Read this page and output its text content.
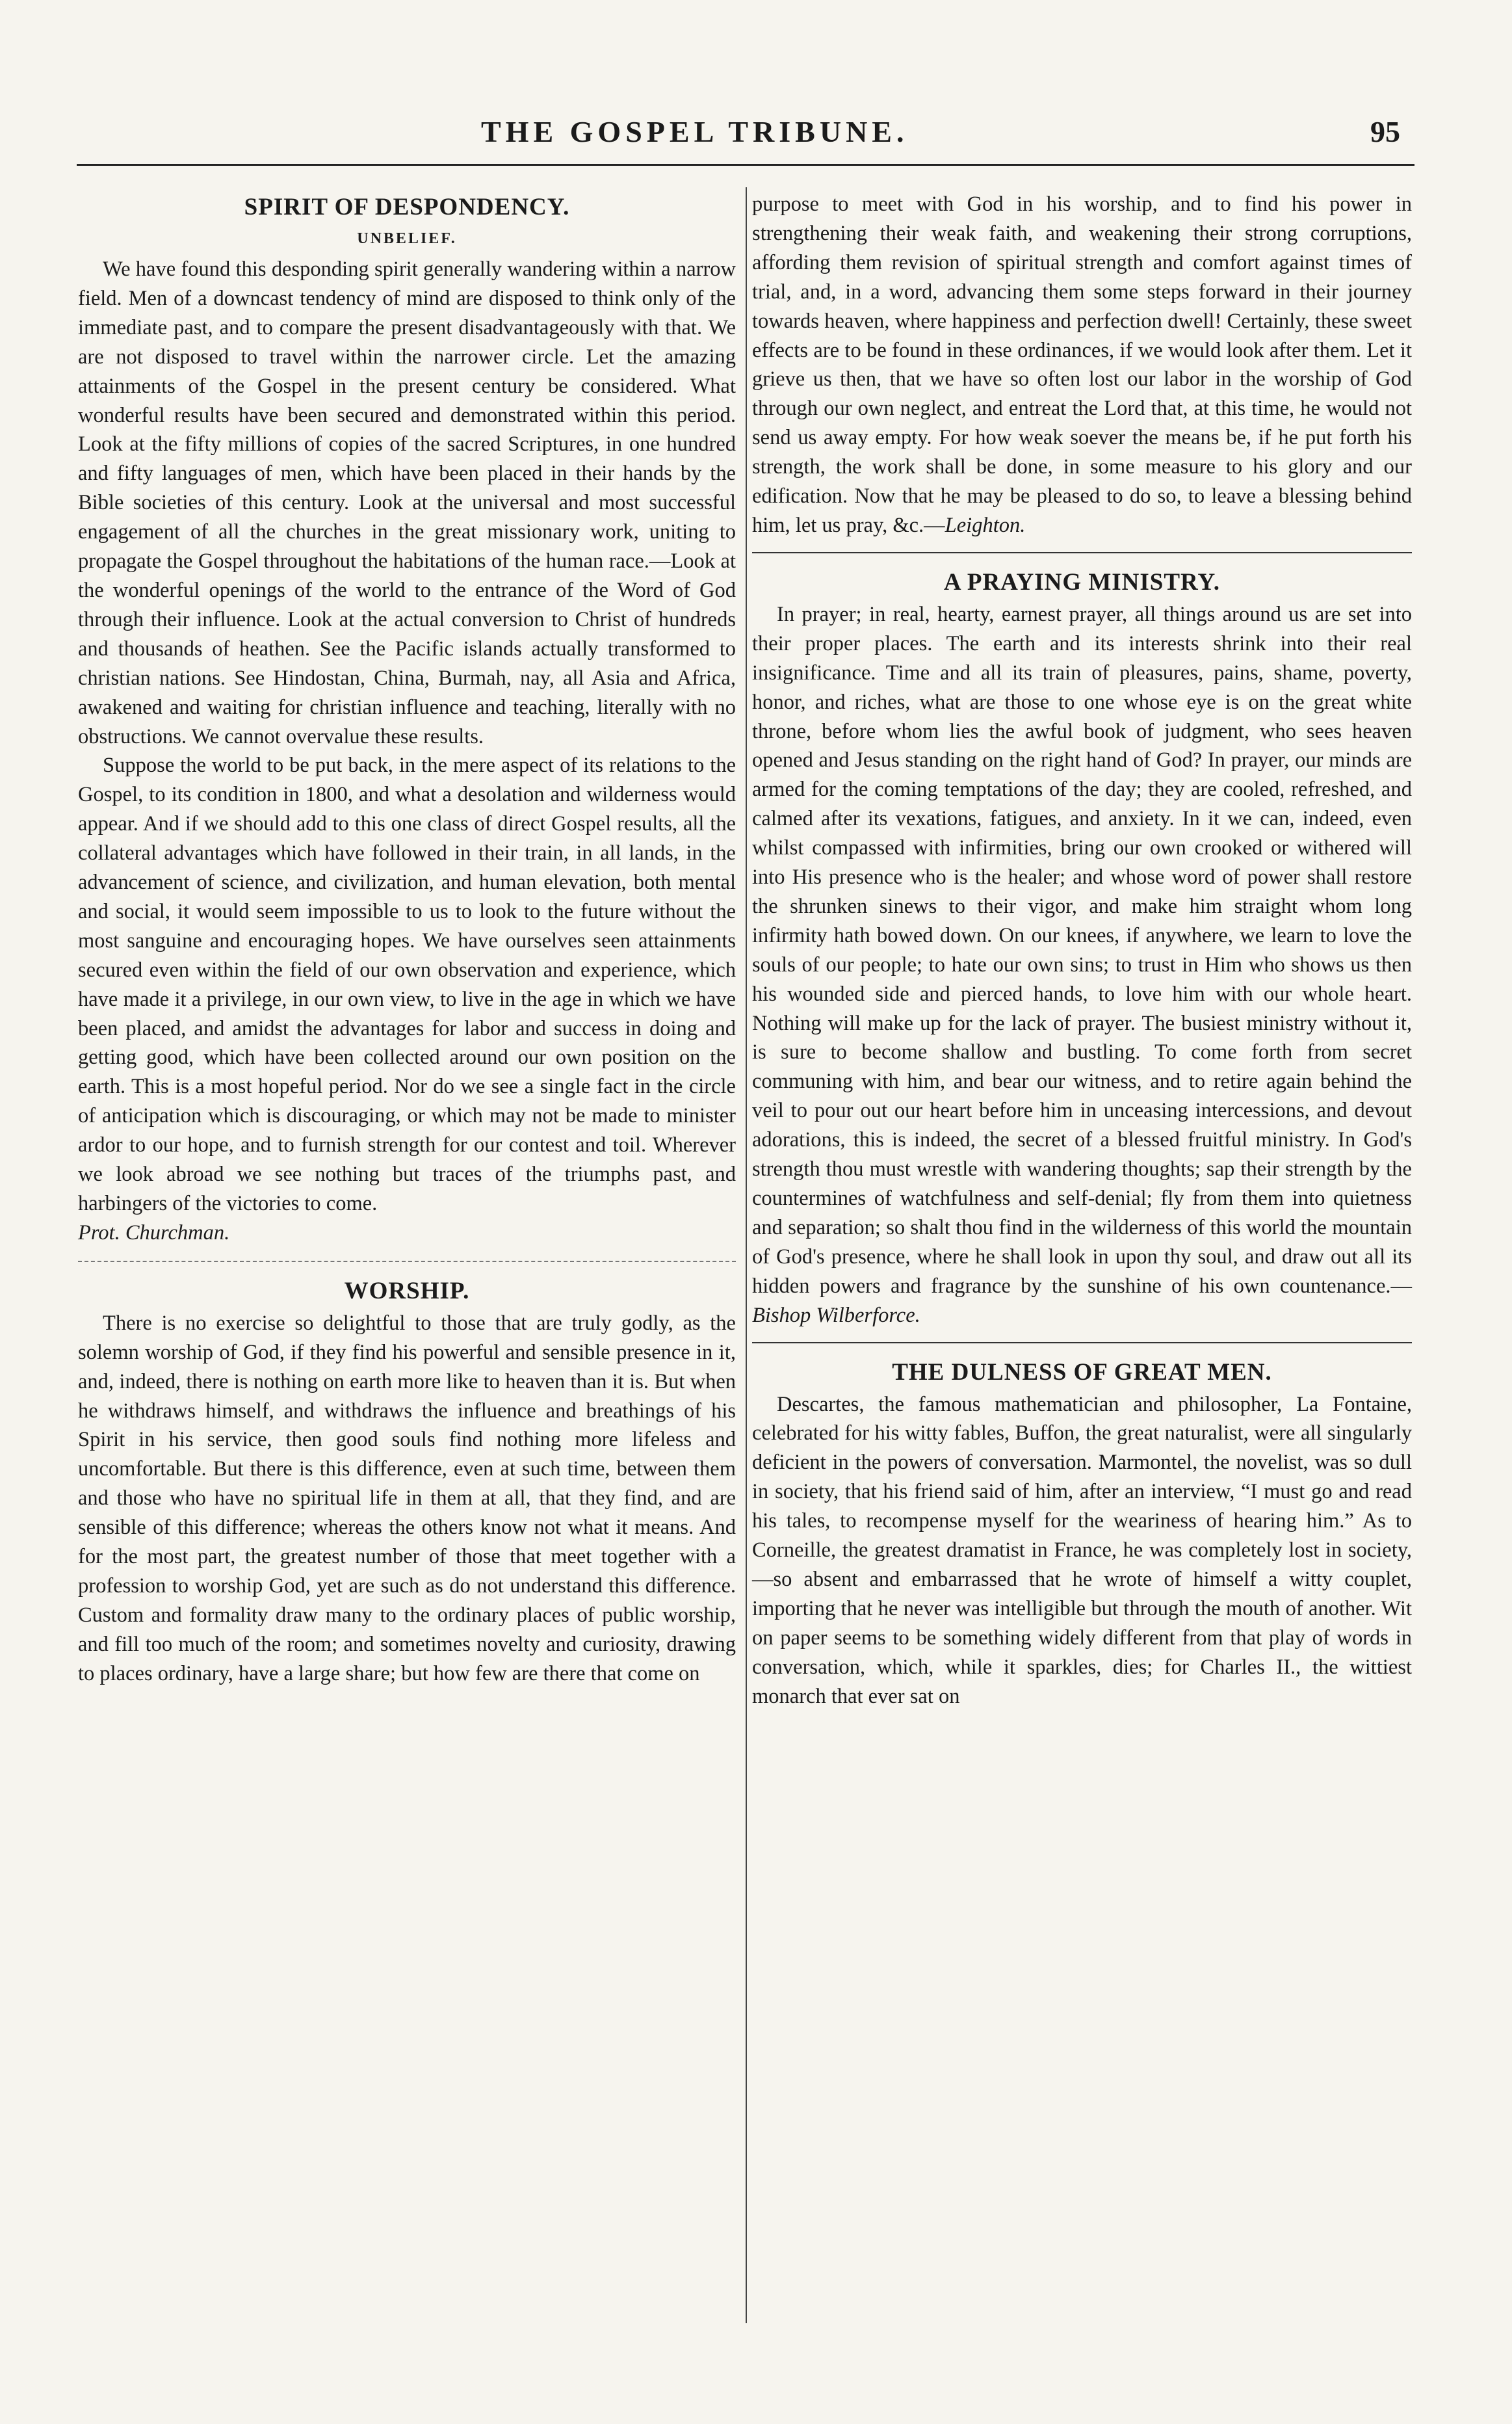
THE GOSPEL TRIBUNE.	95
SPIRIT OF DESPONDENCY.
UNBELIEF.

We have found this desponding spirit generally wandering within a narrow field. Men of a downcast tendency of mind are disposed to think only of the immediate past, and to compare the present disadvantageously with that. We are not disposed to travel within the narrower circle. Let the amazing attainments of the Gospel in the present century be considered. What wonderful results have been secured and demonstrated within this period. Look at the fifty millions of copies of the sacred Scriptures, in one hundred and fifty languages of men, which have been placed in their hands by the Bible societies of this century. Look at the universal and most successful engagement of all the churches in the great missionary work, uniting to propagate the Gospel throughout the habitations of the human race.—Look at the wonderful openings of the world to the entrance of the Word of God through their influence. Look at the actual conversion to Christ of hundreds and thousands of heathen. See the Pacific islands actually transformed to christian nations. See Hindostan, China, Burmah, nay, all Asia and Africa, awakened and waiting for christian influence and teaching, literally with no obstructions. We cannot overvalue these results.

Suppose the world to be put back, in the mere aspect of its relations to the Gospel, to its condition in 1800, and what a desolation and wilderness would appear. And if we should add to this one class of direct Gospel results, all the collateral advantages which have followed in their train, in all lands, in the advancement of science, and civilization, and human elevation, both mental and social, it would seem impossible to us to look to the future without the most sanguine and encouraging hopes. We have ourselves seen attainments secured even within the field of our own observation and experience, which have made it a privilege, in our own view, to live in the age in which we have been placed, and amidst the advantages for labor and success in doing and getting good, which have been collected around our own position on the earth. This is a most hopeful period. Nor do we see a single fact in the circle of anticipation which is discouraging, or which may not be made to minister ardor to our hope, and to furnish strength for our contest and toil. Wherever we look abroad we see nothing but traces of the triumphs past, and harbingers of the victories to come.

Prot. Churchman.

WORSHIP.

There is no exercise so delightful to those that are truly godly, as the solemn worship of God, if they find his powerful and sensible presence in it, and, indeed, there is nothing on earth more like to heaven than it is. But when he withdraws himself, and withdraws the influence and breathings of his Spirit in his service, then good souls find nothing more lifeless and uncomfortable. But there is this difference, even at such time, between them and those who have no spiritual life in them at all, that they find, and are sensible of this difference; whereas the others know not what it means. And for the most part, the greatest number of those that meet together with a profession to worship God, yet are such as do not understand this difference. Custom and formality draw many to the ordinary places of public worship, and fill too much of the room; and sometimes novelty and curiosity, drawing to places ordinary, have a large share; but how few are there that come on

purpose to meet with God in his worship, and to find his power in strengthening their weak faith, and weakening their strong corruptions, affording them revision of spiritual strength and comfort against times of trial, and, in a word, advancing them some steps forward in their journey towards heaven, where happiness and perfection dwell! Certainly, these sweet effects are to be found in these ordinances, if we would look after them. Let it grieve us then, that we have so often lost our labor in the worship of God through our own neglect, and entreat the Lord that, at this time, he would not send us away empty. For how weak soever the means be, if he put forth his strength, the work shall be done, in some measure to his glory and our edification. Now that he may be pleased to do so, to leave a blessing behind him, let us pray, &c.—Leighton.

A PRAYING MINISTRY.

In prayer; in real, hearty, earnest prayer, all things around us are set into their proper places. The earth and its interests shrink into their real insignificance. Time and all its train of pleasures, pains, shame, poverty, honor, and riches, what are those to one whose eye is on the great white throne, before whom lies the awful book of judgment, who sees heaven opened and Jesus standing on the right hand of God? In prayer, our minds are armed for the coming temptations of the day; they are cooled, refreshed, and calmed after its vexations, fatigues, and anxiety. In it we can, indeed, even whilst compassed with infirmities, bring our own crooked or withered will into His presence who is the healer; and whose word of power shall restore the shrunken sinews to their vigor, and make him straight whom long infirmity hath bowed down. On our knees, if anywhere, we learn to love the souls of our people; to hate our own sins; to trust in Him who shows us then his wounded side and pierced hands, to love him with our whole heart. Nothing will make up for the lack of prayer. The busiest ministry without it, is sure to become shallow and bustling. To come forth from secret communing with him, and bear our witness, and to retire again behind the veil to pour out our heart before him in unceasing intercessions, and devout adorations, this is indeed, the secret of a blessed fruitful ministry. In God's strength thou must wrestle with wandering thoughts; sap their strength by the countermines of watchfulness and self-denial; fly from them into quietness and separation; so shalt thou find in the wilderness of this world the mountain of God's presence, where he shall look in upon thy soul, and draw out all its hidden powers and fragrance by the sunshine of his own countenance.—Bishop Wilberforce.

THE DULNESS OF GREAT MEN.

Descartes, the famous mathematician and philosopher, La Fontaine, celebrated for his witty fables, Buffon, the great naturalist, were all singularly deficient in the powers of conversation. Marmontel, the novelist, was so dull in society, that his friend said of him, after an interview, “I must go and read his tales, to recompense myself for the weariness of hearing him.” As to Corneille, the greatest dramatist in France, he was completely lost in society,—so absent and embarrassed that he wrote of himself a witty couplet, importing that he never was intelligible but through the mouth of another. Wit on paper seems to be something widely different from that play of words in conversation, which, while it sparkles, dies; for Charles II., the wittiest monarch that ever sat on
